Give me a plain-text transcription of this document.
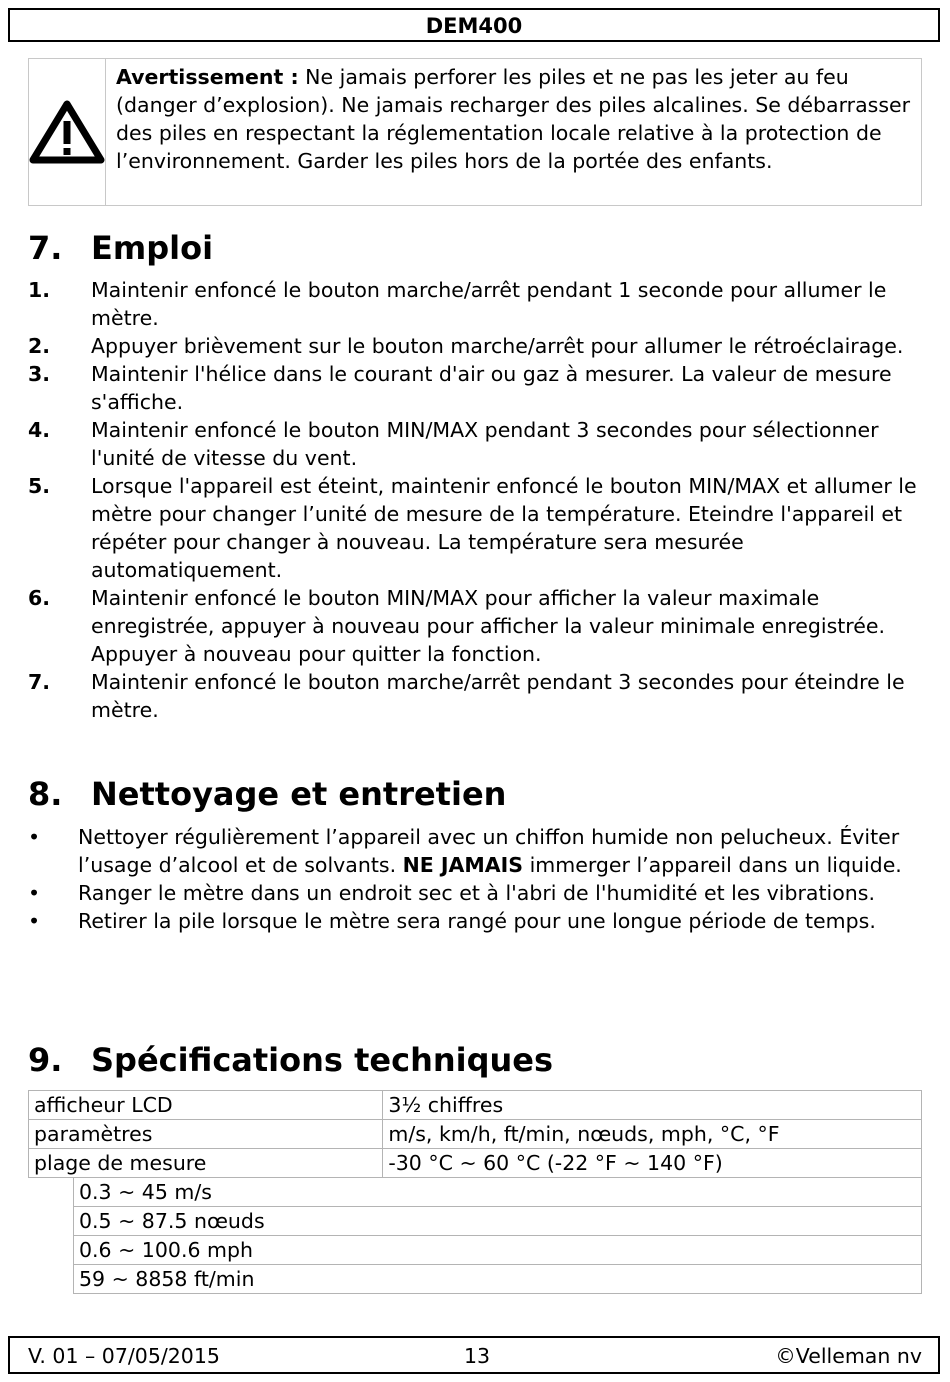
DEM400
Avertissement : Ne jamais perforer les piles et ne pas les jeter au feu (danger d’explosion). Ne jamais recharger des piles alcalines. Se débarrasser des piles en respectant la réglementation locale relative à la protection de l’environnement. Garder les piles hors de la portée des enfants.
7. Emploi
1. Maintenir enfoncé le bouton marche/arrêt pendant 1 seconde pour allumer le mètre.
2. Appuyer brièvement sur le bouton marche/arrêt pour allumer le rétroéclairage.
3. Maintenir l'hélice dans le courant d'air ou gaz à mesurer. La valeur de mesure s'affiche.
4. Maintenir enfoncé le bouton MIN/MAX pendant 3 secondes pour sélectionner l'unité de vitesse du vent.
5. Lorsque l'appareil est éteint, maintenir enfoncé le bouton MIN/MAX et allumer le mètre pour changer l’unité de mesure de la température. Eteindre l'appareil et répéter pour changer à nouveau. La température sera mesurée automatiquement.
6. Maintenir enfoncé le bouton MIN/MAX pour afficher la valeur maximale enregistrée, appuyer à nouveau pour afficher la valeur minimale enregistrée. Appuyer à nouveau pour quitter la fonction.
7. Maintenir enfoncé le bouton marche/arrêt pendant 3 secondes pour éteindre le mètre.
8. Nettoyage et entretien
• Nettoyer régulièrement l’appareil avec un chiffon humide non pelucheux. Éviter l’usage d’alcool et de solvants. NE JAMAIS immerger l’appareil dans un liquide.
• Ranger le mètre dans un endroit sec et à l'abri de l'humidité et les vibrations.
• Retirer la pile lorsque le mètre sera rangé pour une longue période de temps.
9. Spécifications techniques
afficheur LCD		3½ chiffres
paramètres		m/s, km/h, ft/min, nœuds, mph, °C, °F
plage de mesure		-30 °C ~ 60 °C (-22 °F ~ 140 °F)
	0.3 ~ 45 m/s	
	0.5 ~ 87.5 nœuds	
	0.6 ~ 100.6 mph	
	59 ~ 8858 ft/min	
V. 01 – 07/05/2015	13	©Velleman nv
